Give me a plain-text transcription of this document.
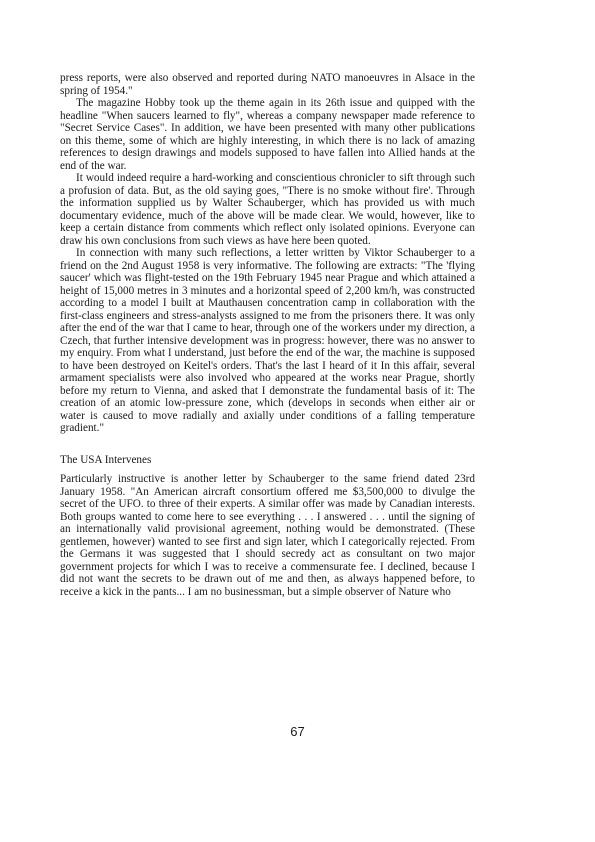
press reports, were also observed and reported during NATO manoeuvres in Alsace in the spring of 1954."

The magazine Hobby took up the theme again in its 26th issue and quipped with the headline "When saucers learned to fly", whereas a company newspaper made reference to "Secret Service Cases". In addition, we have been presented with many other publications on this theme, some of which are highly interesting, in which there is no lack of amazing references to design drawings and models supposed to have fallen into Allied hands at the end of the war.

It would indeed require a hard-working and conscientious chronicler to sift through such a profusion of data. But, as the old saying goes, "There is no smoke without fire'. Through the information supplied us by Walter Schauberger, which has provided us with much documentary evidence, much of the above will be made clear. We would, however, like to keep a certain distance from comments which reflect only isolated opinions. Everyone can draw his own conclusions from such views as have here been quoted.

In connection with many such reflections, a letter written by Viktor Schauberger to a friend on the 2nd August 1958 is very informative. The following are extracts: "The 'flying saucer' which was flight-tested on the 19th February 1945 near Prague and which attained a height of 15,000 metres in 3 minutes and a horizontal speed of 2,200 km/h, was constructed according to a model I built at Mauthausen concentration camp in collaboration with the first-class engineers and stress-analysts assigned to me from the prisoners there. It was only after the end of the war that I came to hear, through one of the workers under my direction, a Czech, that further intensive development was in progress: however, there was no answer to my enquiry. From what I understand, just before the end of the war, the machine is supposed to have been destroyed on Keitel's orders. That's the last I heard of it In this affair, several armament specialists were also involved who appeared at the works near Prague, shortly before my return to Vienna, and asked that I demonstrate the fundamental basis of it: The creation of an atomic low-pressure zone, which (develops in seconds when either air or water is caused to move radially and axially under conditions of a falling temperature gradient."

The USA Intervenes

Particularly instructive is another letter by Schauberger to the same friend dated 23rd January 1958. "An American aircraft consortium offered me $3,500,000 to divulge the secret of the UFO. to three of their experts. A similar offer was made by Canadian interests. Both groups wanted to come here to see everything . . . I answered . . . until the signing of an internationally valid provisional agreement, nothing would be demonstrated. (These gentlemen, however) wanted to see first and sign later, which I categorically rejected. From the Germans it was suggested that I should secredy act as consultant on two major government projects for which I was to receive a commensurate fee. I declined, because I did not want the secrets to be drawn out of me and then, as always happened before, to receive a kick in the pants... I am no businessman, but a simple observer of Nature who

67
